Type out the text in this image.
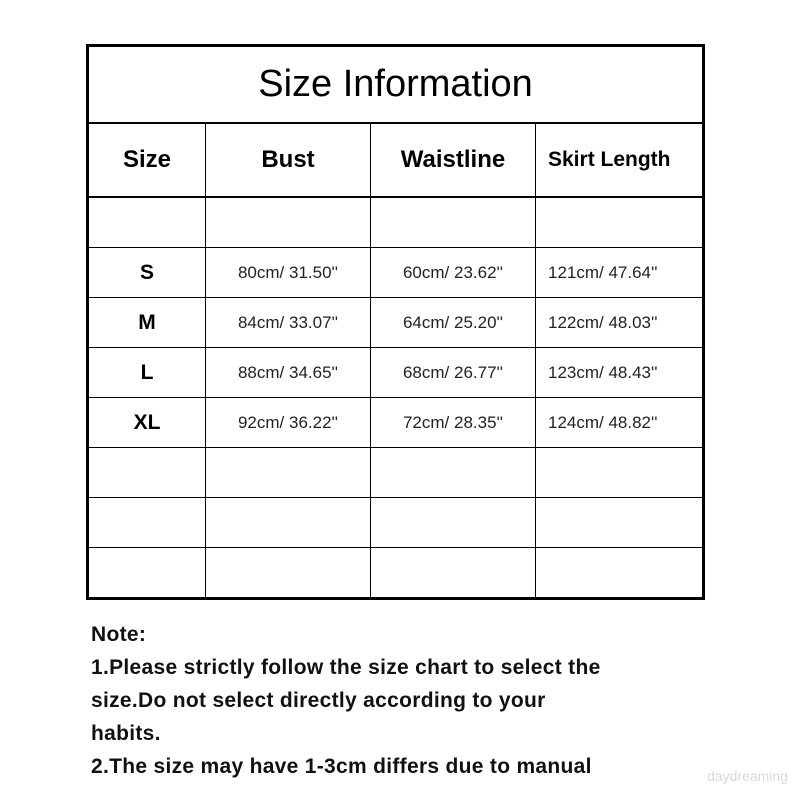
Size Information			
Size	Bust	Waistline	Skirt Length

S	80cm/ 31.50''	60cm/ 23.62''	121cm/ 47.64''
M	84cm/ 33.07''	64cm/ 25.20''	122cm/ 48.03''
L	88cm/ 34.65''	68cm/ 26.77''	123cm/ 48.43''
XL	92cm/ 36.22''	72cm/ 28.35''	124cm/ 48.82''

Note:

1.Please strictly follow the size chart to select the

size.Do not select directly according to your

habits.

2.The size may have 1-3cm differs due to manual	daydreaming
